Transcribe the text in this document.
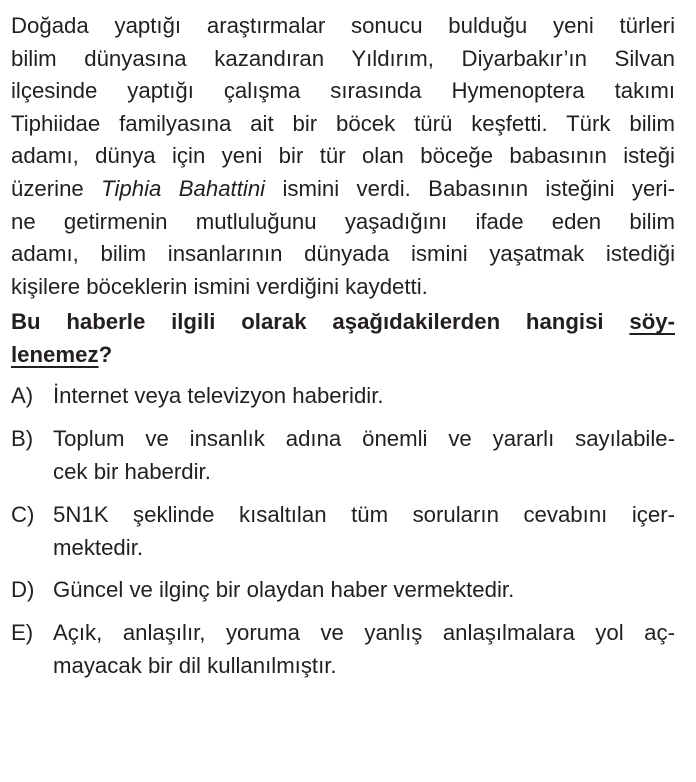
Doğada yaptığı araştırmalar sonucu bulduğu yeni türleri
bilim dünyasına kazandıran Yıldırım, Diyarbakır’ın Silvan
ilçesinde yaptığı çalışma sırasında Hymenoptera takımı
Tiphiidae familyasına ait bir böcek türü keşfetti. Türk bilim
adamı, dünya için yeni bir tür olan böceğe babasının isteği
üzerine Tiphia Bahattini ismini verdi. Babasının isteğini yeri-
ne getirmenin mutluluğunu yaşadığını ifade eden bilim
adamı, bilim insanlarının dünyada ismini yaşatmak istediği
kişilere böceklerin ismini verdiğini kaydetti.
Bu haberle ilgili olarak aşağıdakilerden hangisi söy-
lenemez?
A) İnternet veya televizyon haberidir.
B) Toplum ve insanlık adına önemli ve yararlı sayılabile-
cek bir haberdir.
C) 5N1K şeklinde kısaltılan tüm soruların cevabını içer-
mektedir.
D) Güncel ve ilginç bir olaydan haber vermektedir.
E) Açık, anlaşılır, yoruma ve yanlış anlaşılmalara yol aç-
mayacak bir dil kullanılmıştır.
